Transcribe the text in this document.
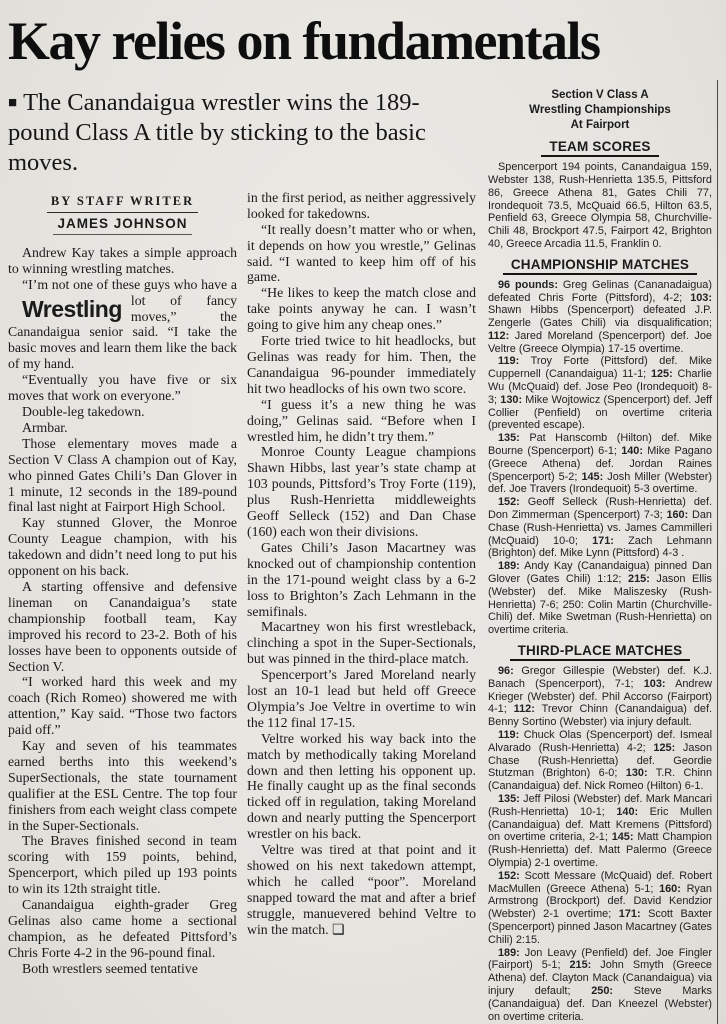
Kay relies on fundamentals
■ The Canandaigua wrestler wins the 189-pound Class A title by sticking to the basic moves.
BY STAFF WRITER
JAMES JOHNSON

Andrew Kay takes a simple approach to winning wrestling matches.

“I’m not one of these guys who
Wrestling
have a lot of fancy moves,” the Canandaigua senior said. “I take the basic moves and learn them like the back of my hand.

“Eventually you have five or six moves that work on everyone.”

Double-leg takedown.

Armbar.

Those elementary moves made a Section V Class A champion out of Kay, who pinned Gates Chili’s Dan Glover in 1 minute, 12 seconds in the 189-pound final last night at Fairport High School.

Kay stunned Glover, the Monroe County League champion, with his takedown and didn’t need long to put his opponent on his back.

A starting offensive and defensive lineman on Canandaigua’s state championship football team, Kay improved his record to 23-2. Both of his losses have been to opponents outside of Section V.

“I worked hard this week and my coach (Rich Romeo) showered me with attention,” Kay said. “Those two factors paid off.”

Kay and seven of his teammates earned berths into this weekend’s SuperSectionals, the state tournament qualifier at the ESL Centre. The top four finishers from each weight class compete in the Super-Sectionals.

The Braves finished second in team scoring with 159 points, behind, Spencerport, which piled up 193 points to win its 12th straight title.

Canandaigua eighth-grader Greg Gelinas also came home a sectional champion, as he defeated Pittsford’s Chris Forte 4-2 in the 96-pound final.

Both wrestlers seemed tentative

in the first period, as neither aggressively looked for takedowns.

“It really doesn’t matter who or when, it depends on how you wrestle,” Gelinas said. “I wanted to keep him off of his game.

“He likes to keep the match close and take points anyway he can. I wasn’t going to give him any cheap ones.”

Forte tried twice to hit headlocks, but Gelinas was ready for him. Then, the Canandaigua 96-pounder immediately hit two headlocks of his own two score.

“I guess it’s a new thing he was doing,” Gelinas said. “Before when I wrestled him, he didn’t try them.”

Monroe County League champions Shawn Hibbs, last year’s state champ at 103 pounds, Pittsford’s Troy Forte (119), plus Rush-Henrietta middleweights Geoff Selleck (152) and Dan Chase (160) each won their divisions.

Gates Chili’s Jason Macartney was knocked out of championship contention in the 171-pound weight class by a 6-2 loss to Brighton’s Zach Lehmann in the semifinals.

Macartney won his first wrestleback, clinching a spot in the Super-Sectionals, but was pinned in the third-place match.

Spencerport’s Jared Moreland nearly lost an 10-1 lead but held off Greece Olympia’s Joe Veltre in overtime to win the 112 final 17-15.

Veltre worked his way back into the match by methodically taking Moreland down and then letting his opponent up. He finally caught up as the final seconds ticked off in regulation, taking Moreland down and nearly putting the Spencerport wrestler on his back.

Veltre was tired at that point and it showed on his next takedown attempt, which he called “poor”. Moreland snapped toward the mat and after a brief struggle, manuevered behind Veltre to win the match. ❏

Section V Class A
Wrestling Championships
At Fairport
TEAM SCORES

Spencerport 194 points, Canandaigua 159, Webster 138, Rush-Henrietta 135.5, Pittsford 86, Greece Athena 81, Gates Chili 77, Irondequoit 73.5, McQuaid 66.5, Hilton 63.5, Penfield 63, Greece Olympia 58, Churchville-Chili 48, Brockport 47.5, Fairport 42, Brighton 40, Greece Arcadia 11.5, Franklin 0.

CHAMPIONSHIP MATCHES

96 pounds: Greg Gelinas (Cananadaigua) defeated Chris Forte (Pittsford), 4-2; 103: Shawn Hibbs (Spencerport) defeated J.P. Zengerle (Gates Chili) via disqualification; 112: Jared Moreland (Spencerport) def. Joe Veltre (Greece Olympia) 17-15 overtime.

119: Troy Forte (Pittsford) def. Mike Cuppernell (Canandaigua) 11-1; 125: Charlie Wu (McQuaid) def. Jose Peo (Irondequoit) 8-3; 130: Mike Wojtowicz (Spencerport) def. Jeff Collier (Penfield) on overtime criteria (prevented escape).

135: Pat Hanscomb (Hilton) def. Mike Bourne (Spencerport) 6-1; 140: Mike Pagano (Greece Athena) def. Jordan Raines (Spencerport) 5-2; 145: Josh Miller (Webster) def. Joe Travers (Irondequoit) 5-3 overtime.

152: Geoff Selleck (Rush-Henrietta) def. Don Zimmerman (Spencerport) 7-3; 160: Dan Chase (Rush-Henrietta) vs. James Cammilleri (McQuaid) 10-0; 171: Zach Lehmann (Brighton) def. Mike Lynn (Pittsford) 4-3 .

189: Andy Kay (Canandaigua) pinned Dan Glover (Gates Chili) 1:12; 215: Jason Ellis (Webster) def. Mike Maliszesky (Rush-Henrietta) 7-6; 250: Colin Martin (Churchville-Chili) def. Mike Swetman (Rush-Henrietta) on overtime criteria.

THIRD-PLACE MATCHES

96: Gregor Gillespie (Webster) def. K.J. Banach (Spencerport), 7-1; 103: Andrew Krieger (Webster) def. Phil Accorso (Fairport) 4-1; 112: Trevor Chinn (Canandaigua) def. Benny Sortino (Webster) via injury default.

119: Chuck Olas (Spencerport) def. Ismeal Alvarado (Rush-Henrietta) 4-2; 125: Jason Chase (Rush-Henrietta) def. Geordie Stutzman (Brighton) 6-0; 130: T.R. Chinn (Canandaigua) def. Nick Romeo (Hilton) 6-1.

135: Jeff Pilosi (Webster) def. Mark Mancari (Rush-Henrietta) 10-1; 140: Eric Mullen (Canandaigua) def. Matt Kremens (Pittsford) on overtime criteria, 2-1; 145: Matt Champion (Rush-Henrietta) def. Matt Palermo (Greece Olympia) 2-1 overtime.

152: Scott Messare (McQuaid) def. Robert MacMullen (Greece Athena) 5-1; 160: Ryan Armstrong (Brockport) def. David Kendzior (Webster) 2-1 overtime; 171: Scott Baxter (Spencerport) pinned Jason Macartney (Gates Chili) 2:15.

189: Jon Leavy (Penfield) def. Joe Fingler (Fairport) 5-1; 215: John Smyth (Greece Athena) def. Clayton Mack (Canandaigua) via injury default; 250: Steve Marks (Canandaigua) def. Dan Kneezel (Webster) on overtime criteria.
